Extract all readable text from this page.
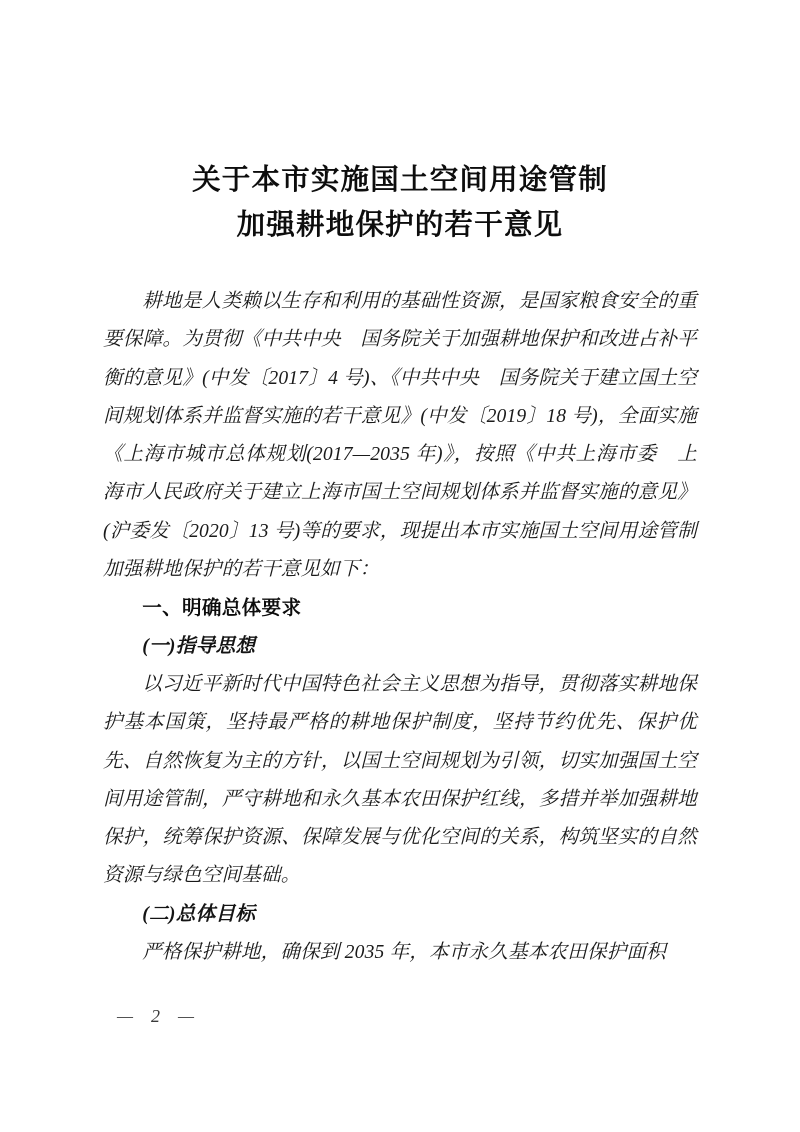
关于本市实施国土空间用途管制
加强耕地保护的若干意见

耕地是人类赖以生存和利用的基础性资源，是国家粮食安全的重要保障。为贯彻《中共中央　国务院关于加强耕地保护和改进占补平衡的意见》(中发〔2017〕4 号)、《中共中央　国务院关于建立国土空间规划体系并监督实施的若干意见》(中发〔2019〕18 号)，全面实施《上海市城市总体规划(2017—2035 年)》，按照《中共上海市委　上海市人民政府关于建立上海市国土空间规划体系并监督实施的意见》(沪委发〔2020〕13 号)等的要求，现提出本市实施国土空间用途管制加强耕地保护的若干意见如下：

一、明确总体要求

(一)指导思想

以习近平新时代中国特色社会主义思想为指导，贯彻落实耕地保护基本国策，坚持最严格的耕地保护制度，坚持节约优先、保护优先、自然恢复为主的方针，以国土空间规划为引领，切实加强国土空间用途管制，严守耕地和永久基本农田保护红线，多措并举加强耕地保护，统筹保护资源、保障发展与优化空间的关系，构筑坚实的自然资源与绿色空间基础。

(二)总体目标

严格保护耕地，确保到 2035 年，本市永久基本农田保护面积

—  2  —
